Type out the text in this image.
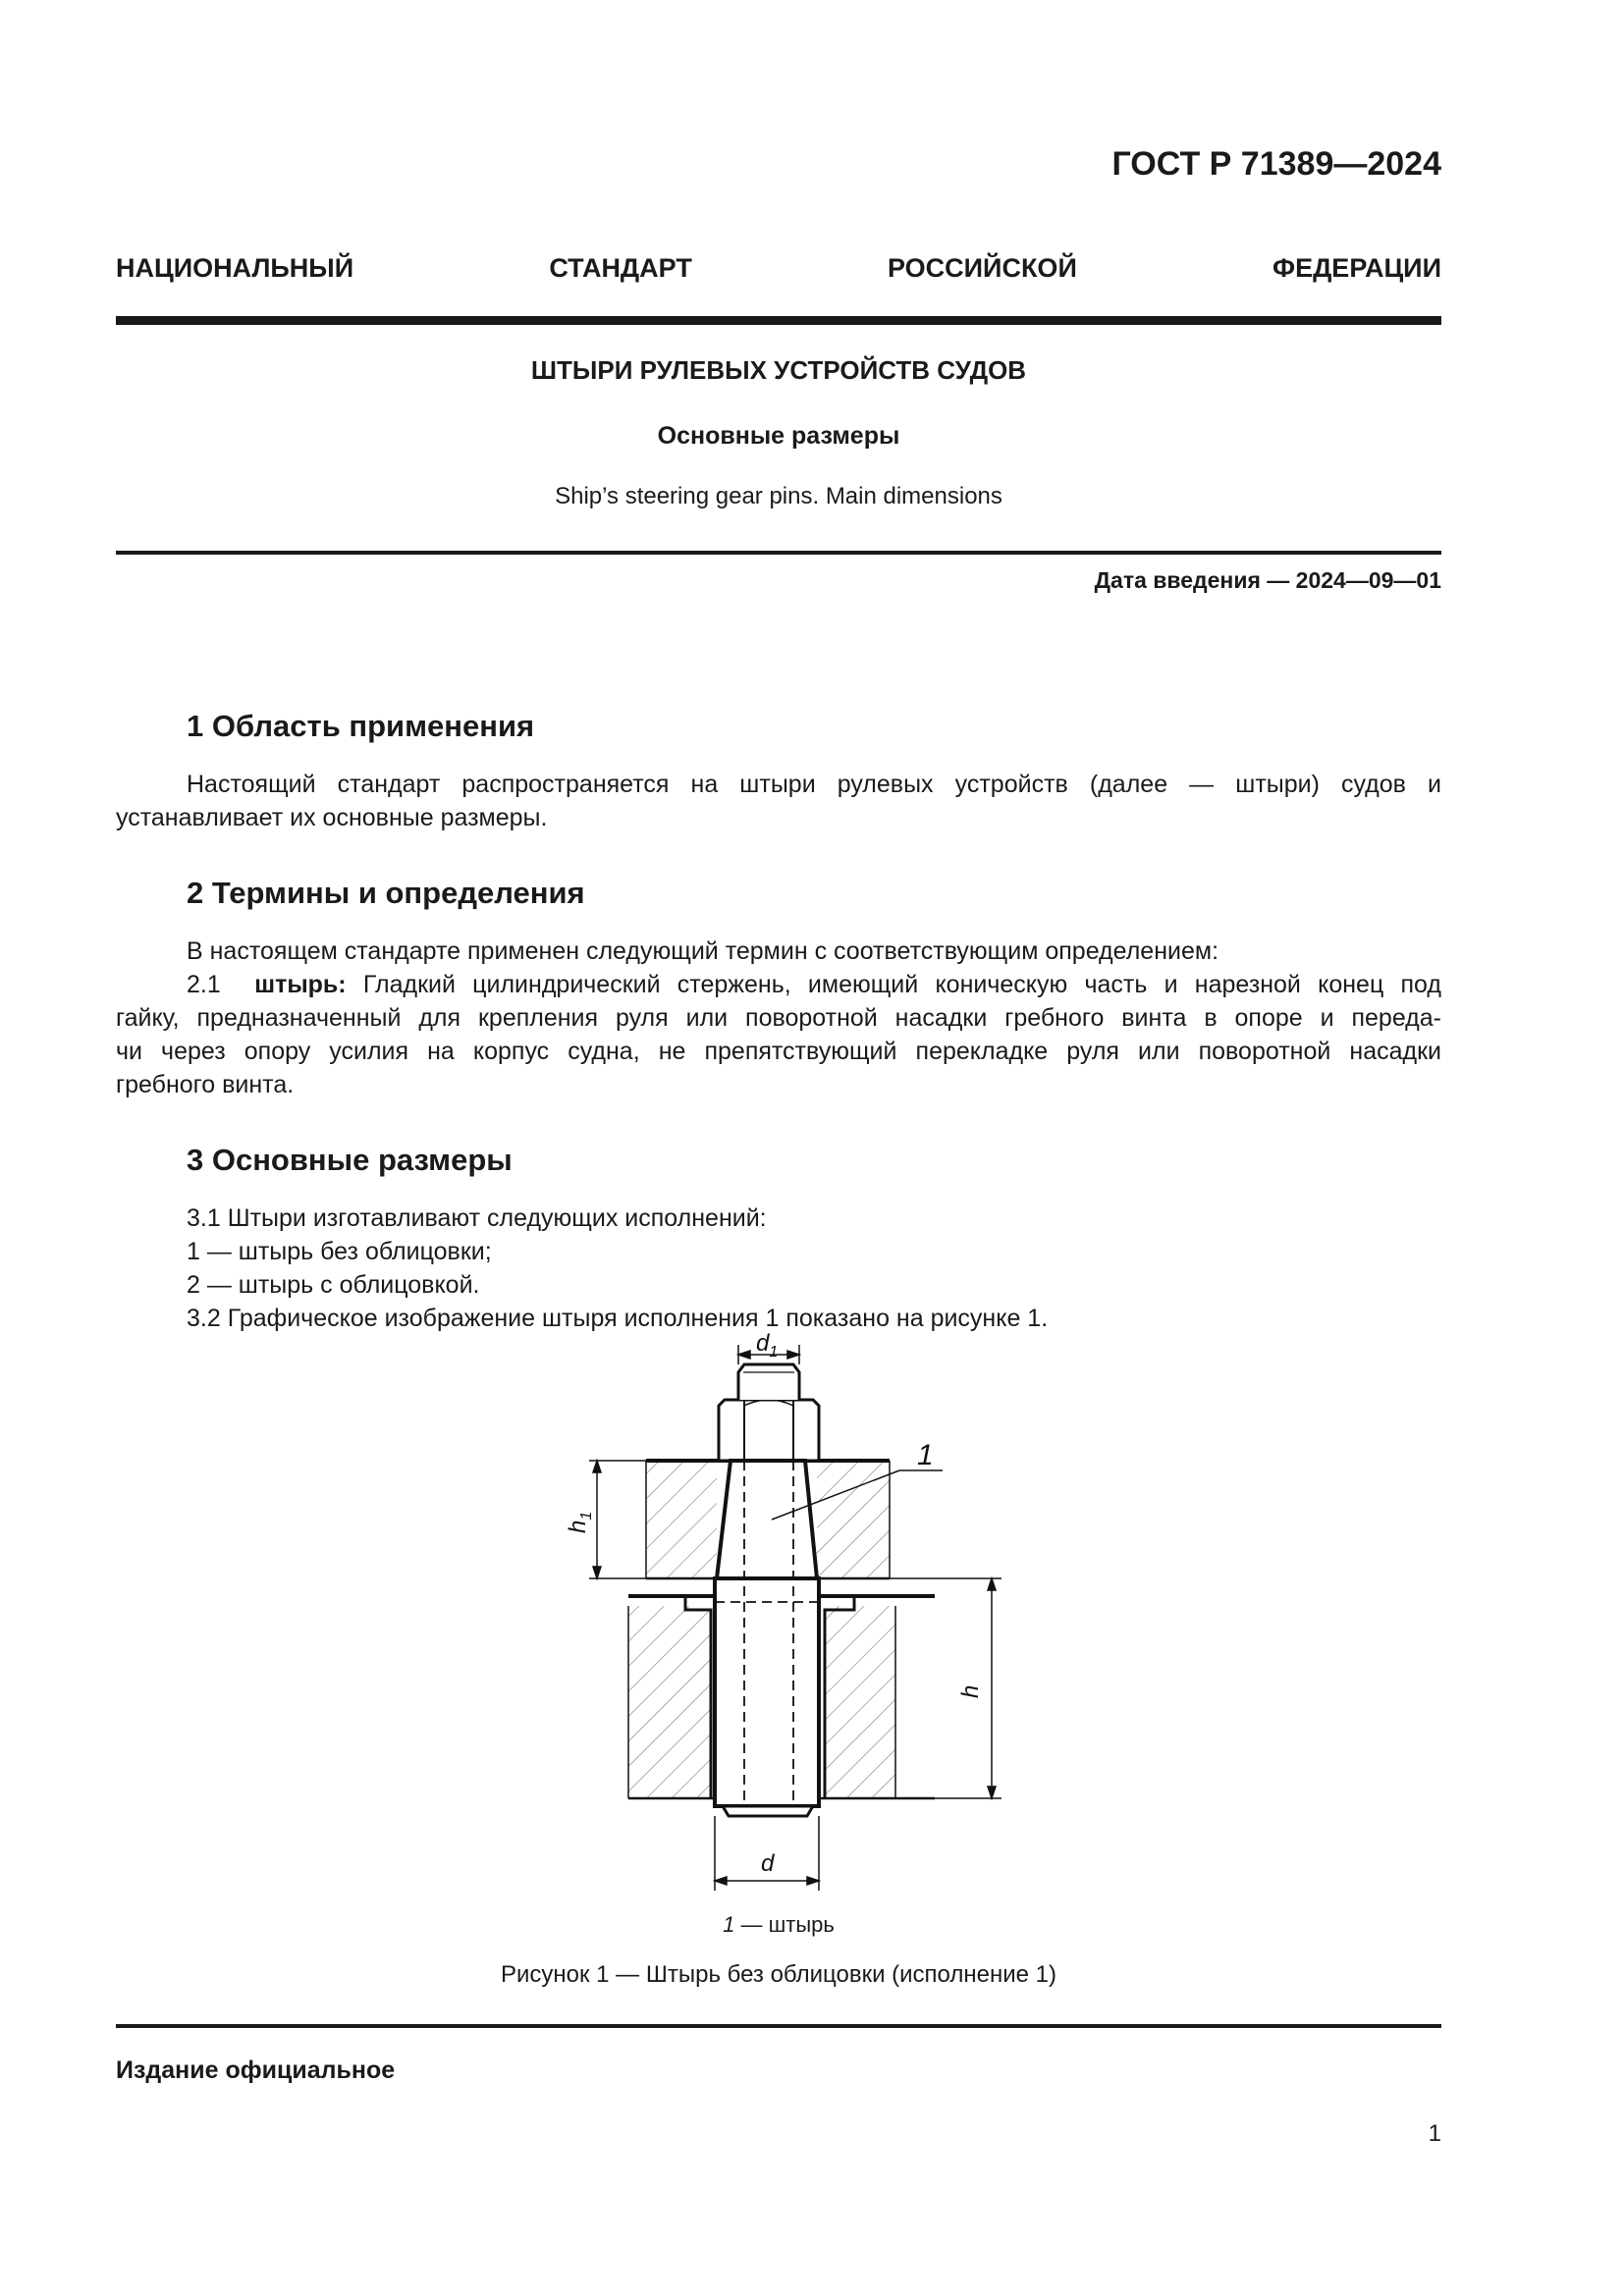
ГОСТ Р 71389—2024
НАЦИОНАЛЬНЫЙ СТАНДАРТ РОССИЙСКОЙ ФЕДЕРАЦИИ
ШТЫРИ РУЛЕВЫХ УСТРОЙСТВ СУДОВ
Основные размеры
Ship’s steering gear pins. Main dimensions
Дата введения — 2024—09—01
1 Область применения
Настоящий стандарт распространяется на штыри рулевых устройств (далее — штыри) судов и
устанавливает их основные размеры.
2 Термины и определения
В настоящем стандарте применен следующий термин с соответствующим определением:
2.1 штырь: Гладкий цилиндрический стержень, имеющий коническую часть и нарезной конец под
гайку, предназначенный для крепления руля или поворотной насадки гребного винта в опоре и переда-
чи через опору усилия на корпус судна, не препятствующий перекладке руля или поворотной насадки
гребного винта.
3 Основные размеры
3.1 Штыри изготавливают следующих исполнений:
1 — штырь без облицовки;
2 — штырь с облицовкой.
3.2 Графическое изображение штыря исполнения 1 показано на рисунке 1.
$d_1$
$h_1$
h
d
1
1 — штырь
Рисунок 1 — Штырь без облицовки (исполнение 1)
Издание официальное
1
